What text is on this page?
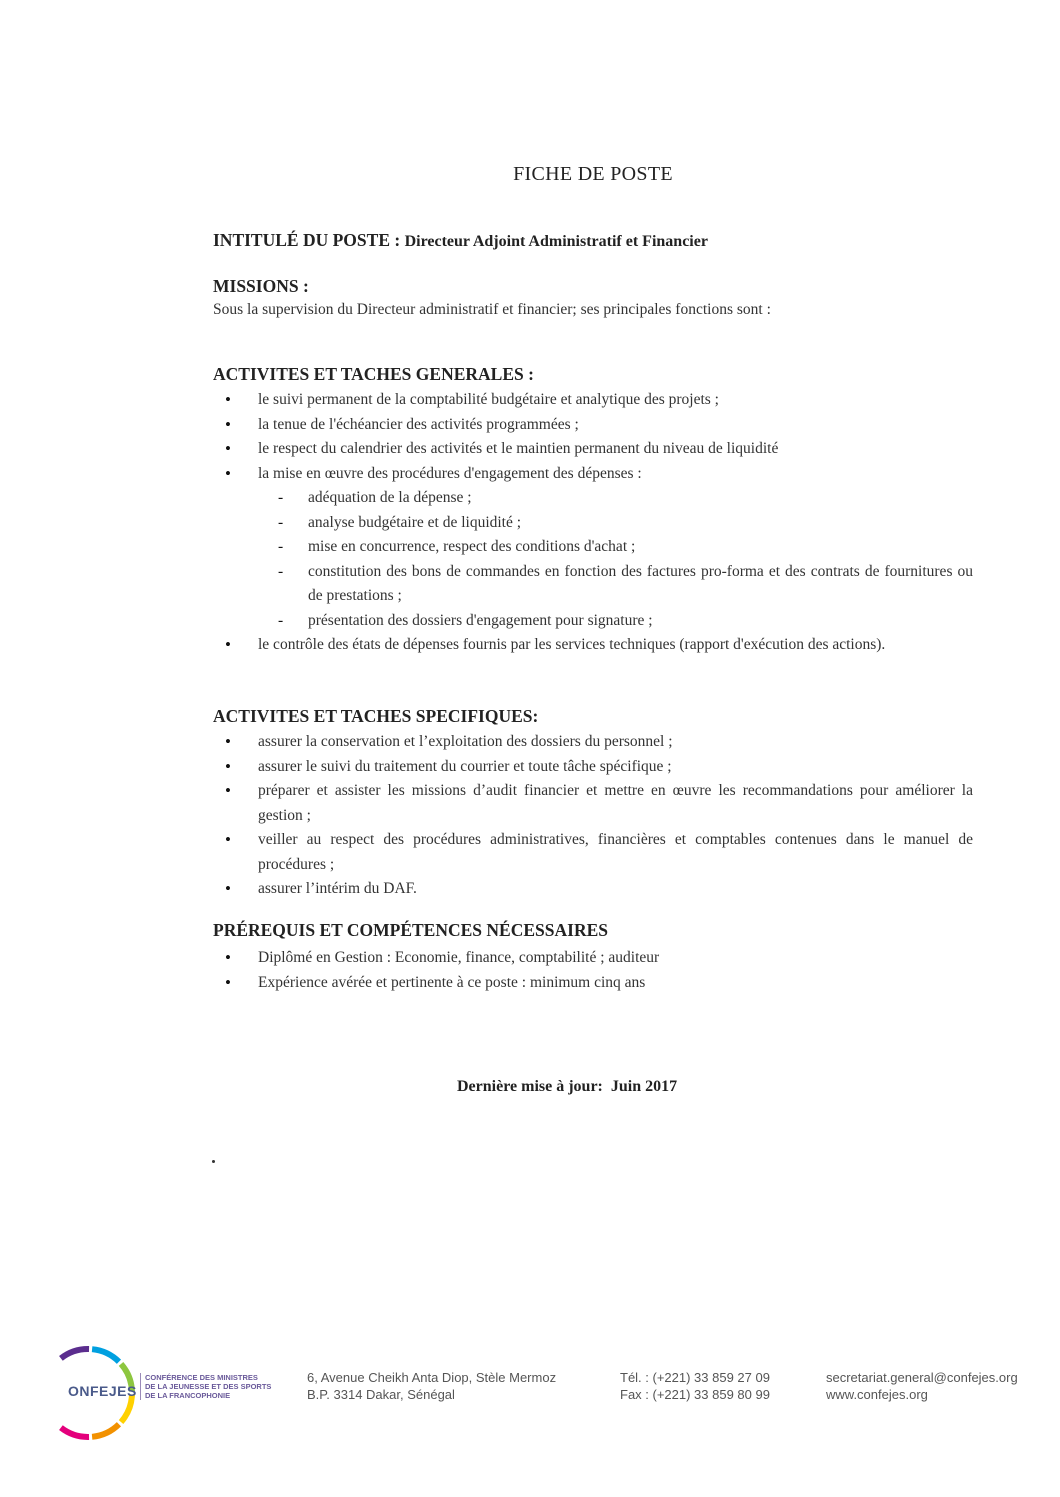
FICHE DE POSTE
INTITULÉ DU POSTE : Directeur Adjoint Administratif et Financier
MISSIONS :
Sous la supervision du Directeur administratif et financier; ses principales fonctions sont :
ACTIVITES ET TACHES GENERALES :
• le suivi permanent de la comptabilité budgétaire et analytique des projets ;
• la tenue de l'échéancier des activités programmées ;
• le respect du calendrier des activités et le maintien permanent du niveau de liquidité
• la mise en œuvre des procédures d'engagement des dépenses :
- adéquation de la dépense ;
- analyse budgétaire et de liquidité ;
- mise en concurrence, respect des conditions d'achat ;
- constitution des bons de commandes en fonction des factures pro-forma et des contrats de fournitures ou de prestations ;
- présentation des dossiers d'engagement pour signature ;
• le contrôle des états de dépenses fournis par les services techniques (rapport d'exécution des actions).
ACTIVITES ET TACHES SPECIFIQUES:
• assurer la conservation et l’exploitation des dossiers du personnel ;
• assurer le suivi du traitement du courrier et toute tâche spécifique ;
• préparer et assister les missions d’audit financier et mettre en œuvre les recommandations pour améliorer la gestion ;
• veiller au respect des procédures administratives, financières et comptables contenues dans le manuel de procédures ;
• assurer l’intérim du DAF.
PRÉREQUIS ET COMPÉTENCES NÉCESSAIRES
• Diplômé en Gestion : Economie, finance, comptabilité ; auditeur
• Expérience avérée et pertinente à ce poste : minimum cinq ans
Dernière mise à jour:  Juin 2017
ONFEJES
CONFÉRENCE DES MINISTRES
DE LA JEUNESSE ET DES SPORTS
DE LA FRANCOPHONIE
6, Avenue Cheikh Anta Diop, Stèle Mermoz
B.P. 3314 Dakar, Sénégal
Tél. : (+221) 33 859 27 09
Fax : (+221) 33 859 80 99
secretariat.general@confejes.org
www.confejes.org
